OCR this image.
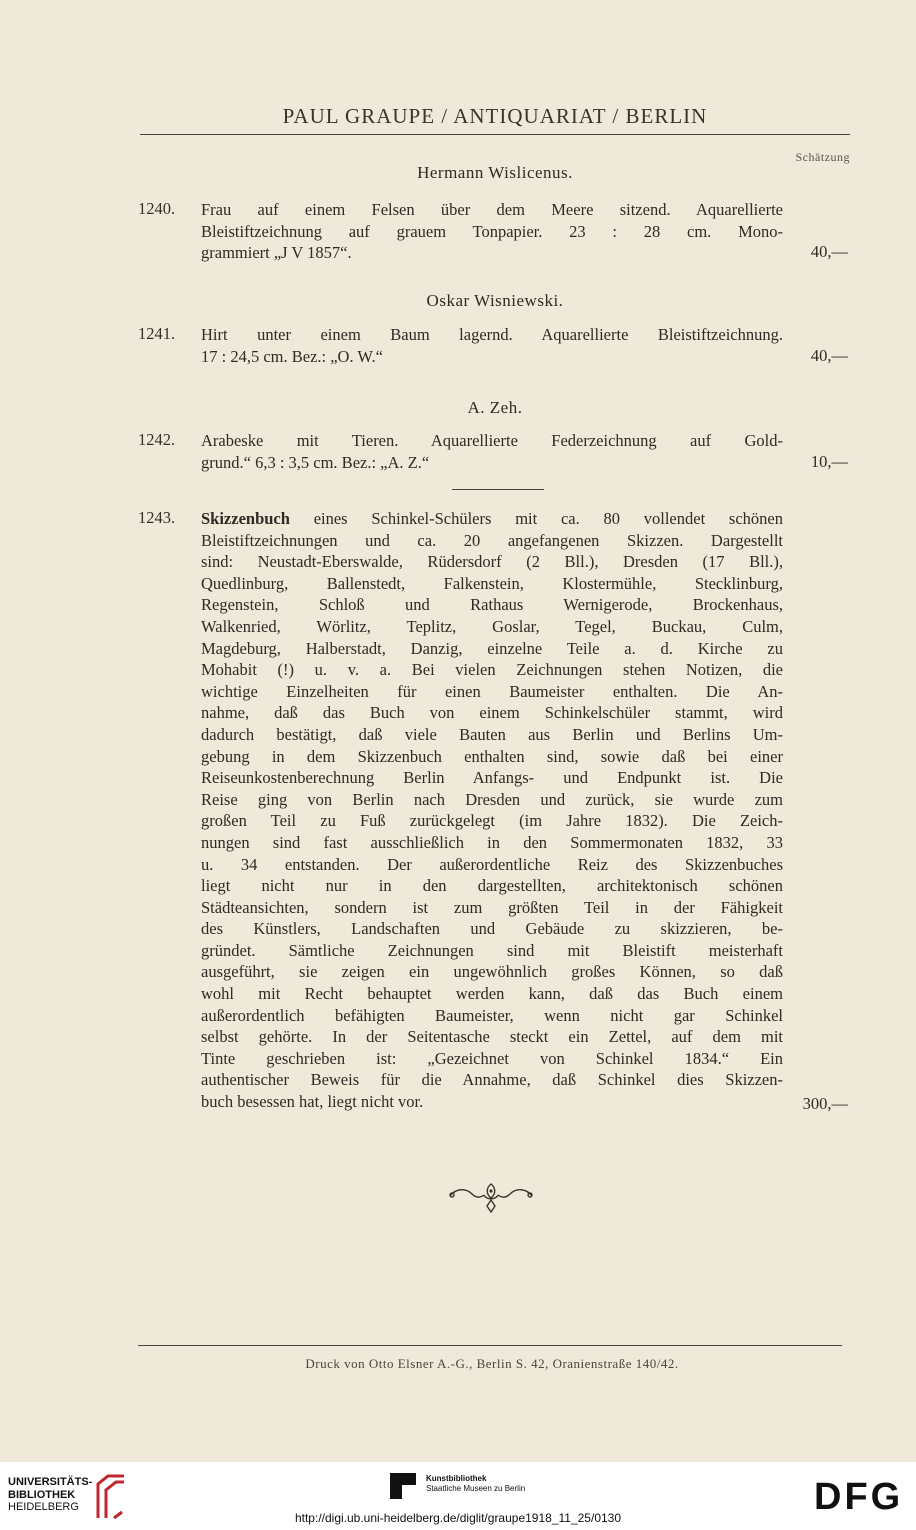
PAUL GRAUPE / ANTIQUARIAT / BERLIN
Schätzung
Hermann Wislicenus.
1240. Frau auf einem Felsen über dem Meere sitzend. Aquarellierte
Bleistiftzeichnung auf grauem Tonpapier. 23 : 28 cm. Mono-
grammiert „J V 1857“.	40,—
Oskar Wisniewski.
1241. Hirt unter einem Baum lagernd. Aquarellierte Bleistiftzeichnung.
17 : 24,5 cm. Bez.: „O. W.“	40,—
A. Zeh.
1242. Arabeske mit Tieren. Aquarellierte Federzeichnung auf Gold-
grund.“ 6,3 : 3,5 cm. Bez.: „A. Z.“	10,—
1243. Skizzenbuch eines Schinkel-Schülers mit ca. 80 vollendet schönen
Bleistiftzeichnungen und ca. 20 angefangenen Skizzen. Dargestellt
sind: Neustadt-Eberswalde, Rüdersdorf (2 Bll.), Dresden (17 Bll.),
Quedlinburg, Ballenstedt, Falkenstein, Klostermühle, Stecklinburg,
Regenstein, Schloß und Rathaus Wernigerode, Brockenhaus,
Walkenried, Wörlitz, Teplitz, Goslar, Tegel, Buckau, Culm,
Magdeburg, Halberstadt, Danzig, einzelne Teile a. d. Kirche zu
Mohabit (!) u. v. a. Bei vielen Zeichnungen stehen Notizen, die
wichtige Einzelheiten für einen Baumeister enthalten. Die An-
nahme, daß das Buch von einem Schinkelschüler stammt, wird
dadurch bestätigt, daß viele Bauten aus Berlin und Berlins Um-
gebung in dem Skizzenbuch enthalten sind, sowie daß bei einer
Reiseunkostenberechnung Berlin Anfangs- und Endpunkt ist. Die
Reise ging von Berlin nach Dresden und zurück, sie wurde zum
großen Teil zu Fuß zurückgelegt (im Jahre 1832). Die Zeich-
nungen sind fast ausschließlich in den Sommermonaten 1832, 33
u. 34 entstanden. Der außerordentliche Reiz des Skizzenbuches
liegt nicht nur in den dargestellten, architektonisch schönen
Städteansichten, sondern ist zum größten Teil in der Fähigkeit
des Künstlers, Landschaften und Gebäude zu skizzieren, be-
gründet. Sämtliche Zeichnungen sind mit Bleistift meisterhaft
ausgeführt, sie zeigen ein ungewöhnlich großes Können, so daß
wohl mit Recht behauptet werden kann, daß das Buch einem
außerordentlich befähigten Baumeister, wenn nicht gar Schinkel
selbst gehörte. In der Seitentasche steckt ein Zettel, auf dem mit
Tinte geschrieben ist: „Gezeichnet von Schinkel 1834.“ Ein
authentischer Beweis für die Annahme, daß Schinkel dies Skizzen-
buch besessen hat, liegt nicht vor.	300,—
Druck von Otto Elsner A.-G., Berlin S. 42, Oranienstraße 140/42.
UNIVERSITÄTS-
BIBLIOTHEK
HEIDELBERG
Kunstbibliothek
Staatliche Museen zu Berlin	DFG
http://digi.ub.uni-heidelberg.de/diglit/graupe1918_11_25/0130
